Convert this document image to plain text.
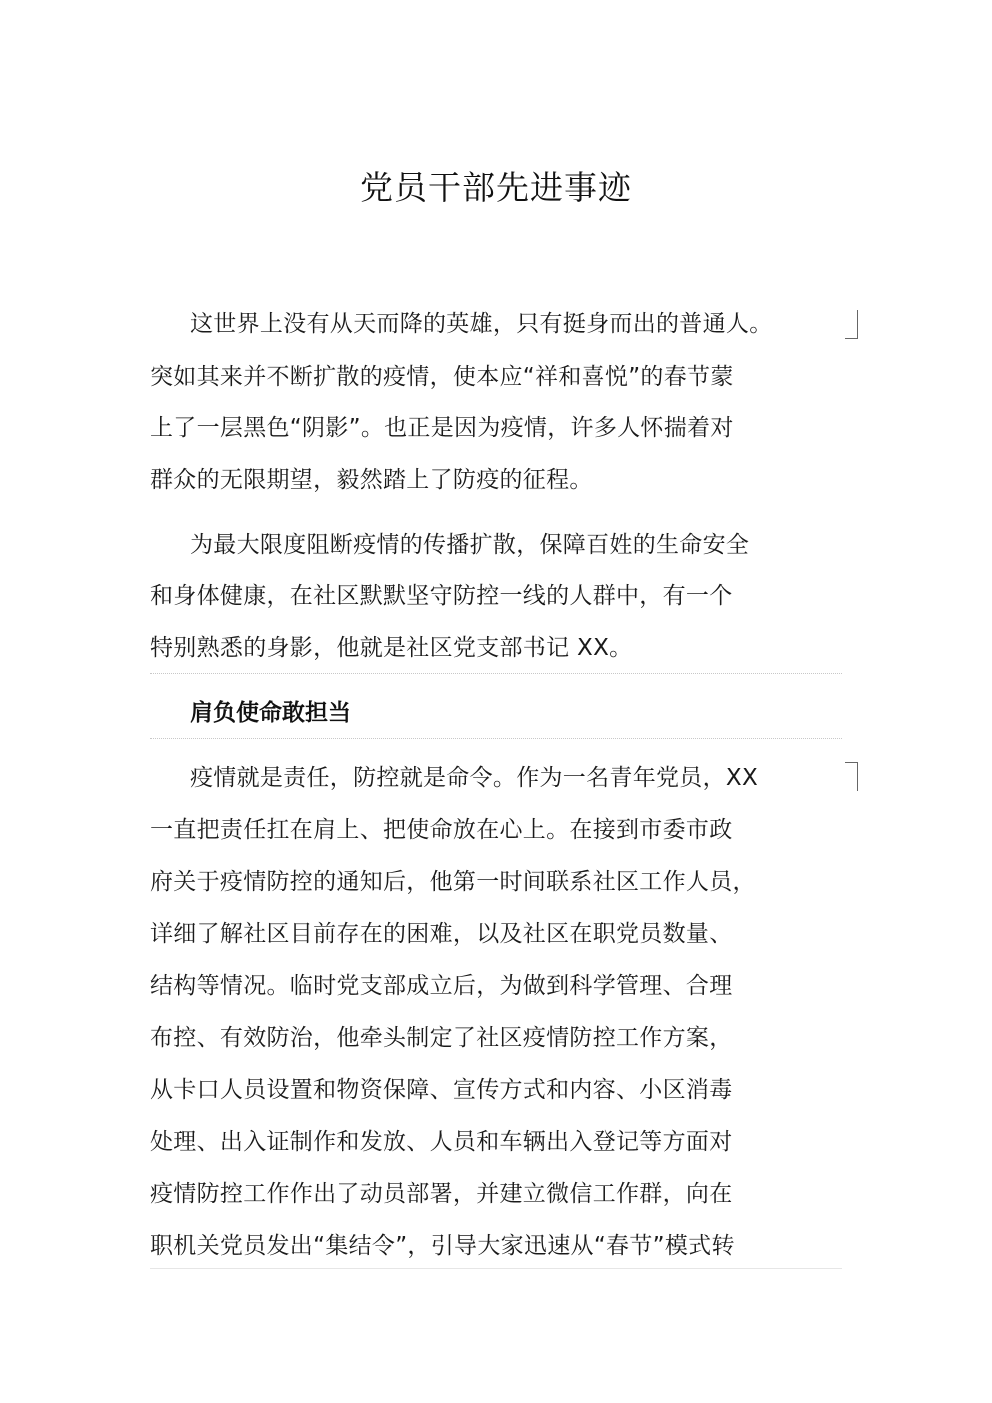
党员干部先进事迹
这世界上没有从天而降的英雄，只有挺身而出的普通人。
突如其来并不断扩散的疫情，使本应“祥和喜悦”的春节蒙
上了一层黑色“阴影”。也正是因为疫情，许多人怀揣着对
群众的无限期望，毅然踏上了防疫的征程。
为最大限度阻断疫情的传播扩散，保障百姓的生命安全
和身体健康，在社区默默坚守防控一线的人群中，有一个
特别熟悉的身影，他就是社区党支部书记 XX。
肩负使命敢担当
疫情就是责任，防控就是命令。作为一名青年党员，XX
一直把责任扛在肩上、把使命放在心上。在接到市委市政
府关于疫情防控的通知后，他第一时间联系社区工作人员，
详细了解社区目前存在的困难，以及社区在职党员数量、
结构等情况。临时党支部成立后，为做到科学管理、合理
布控、有效防治，他牵头制定了社区疫情防控工作方案，
从卡口人员设置和物资保障、宣传方式和内容、小区消毒
处理、出入证制作和发放、人员和车辆出入登记等方面对
疫情防控工作作出了动员部署，并建立微信工作群，向在
职机关党员发出“集结令”，引导大家迅速从“春节”模式转
